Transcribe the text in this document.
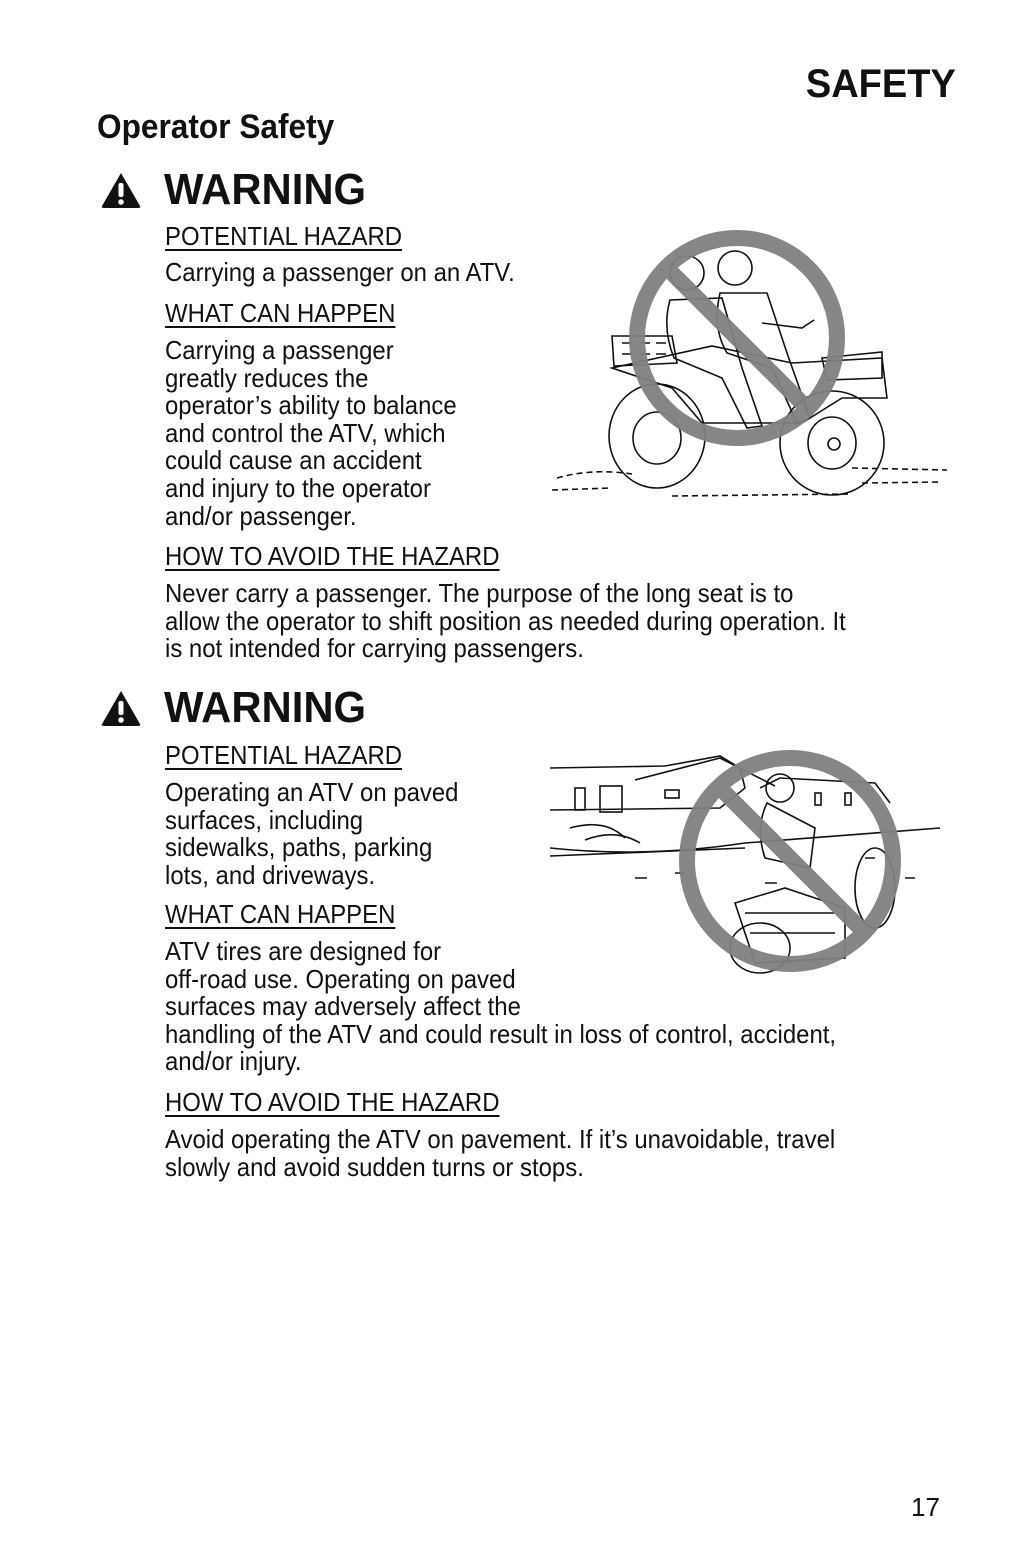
SAFETY
Operator Safety
WARNING
POTENTIAL HAZARD
Carrying a passenger on an ATV.
WHAT CAN HAPPEN

Carrying a passenger

greatly reduces the

operator’s ability to balance

and control the ATV, which

could cause an accident

and injury to the operator

and/or passenger.

HOW TO AVOID THE HAZARD

Never carry a passenger. The purpose of the long seat is to

allow the operator to shift position as needed during operation. It

is not intended for carrying passengers.

WARNING
POTENTIAL HAZARD

Operating an ATV on paved

surfaces, including

sidewalks, paths, parking

lots, and driveways.

WHAT CAN HAPPEN

ATV tires are designed for

off-road use. Operating on paved

surfaces may adversely affect the

handling of the ATV and could result in loss of control, accident,

and/or injury.

HOW TO AVOID THE HAZARD

Avoid operating the ATV on pavement. If it’s unavoidable, travel

slowly and avoid sudden turns or stops.

17
